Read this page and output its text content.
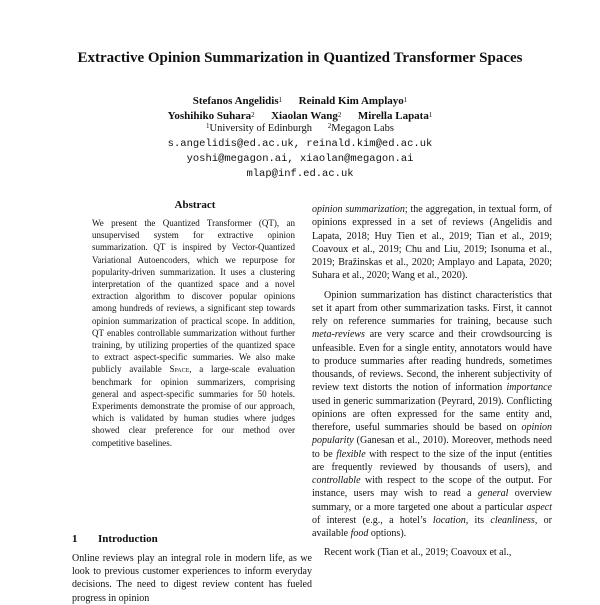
Extractive Opinion Summarization in Quantized Transformer Spaces
Stefanos Angelidis$^1$ Reinald Kim Amplayo$^1$
Yoshihiko Suhara$^2$ Xiaolan Wang$^2$ Mirella Lapata$^1$
$^1$University of Edinburgh $^2$Megagon Labs
s.angelidis@ed.ac.uk, reinald.kim@ed.ac.uk
yoshi@megagon.ai, xiaolan@megagon.ai
mlap@inf.ed.ac.uk
Abstract

We present the Quantized Transformer (QT), an unsupervised system for extractive opinion summarization. QT is inspired by Vector-Quantized Variational Autoencoders, which we repurpose for popularity-driven summarization. It uses a clustering interpretation of the quantized space and a novel extraction algorithm to discover popular opinions among hundreds of reviews, a significant step towards opinion summarization of practical scope. In addition, QT enables controllable summarization without further training, by utilizing properties of the quantized space to extract aspect-specific summaries. We also make publicly available Space, a large-scale evaluation benchmark for opinion summarizers, comprising general and aspect-specific summaries for 50 hotels. Experiments demonstrate the promise of our approach, which is validated by human studies where judges showed clear preference for our method over competitive baselines.

1 Introduction

Online reviews play an integral role in modern life, as we look to previous customer experiences to inform everyday decisions. The need to digest review content has fueled progress in opinion

opinion summarization; the aggregation, in textual form, of opinions expressed in a set of reviews (Angelidis and Lapata, 2018; Huy Tien et al., 2019; Tian et al., 2019; Coavoux et al., 2019; Chu and Liu, 2019; Isonuma et al., 2019; Bražinskas et al., 2020; Amplayo and Lapata, 2020; Suhara et al., 2020; Wang et al., 2020).

Opinion summarization has distinct characteristics that set it apart from other summarization tasks. First, it cannot rely on reference summaries for training, because such meta-reviews are very scarce and their crowdsourcing is unfeasible. Even for a single entity, annotators would have to produce summaries after reading hundreds, sometimes thousands, of reviews. Second, the inherent subjectivity of review text distorts the notion of information importance used in generic summarization (Peyrard, 2019). Conflicting opinions are often expressed for the same entity and, therefore, useful summaries should be based on opinion popularity (Ganesan et al., 2010). Moreover, methods need to be flexible with respect to the size of the input (entities are frequently reviewed by thousands of users), and controllable with respect to the scope of the output. For instance, users may wish to read a general overview summary, or a more targeted one about a particular aspect of interest (e.g., a hotel’s location, its cleanliness, or available food options).

Recent work (Tian et al., 2019; Coavoux et al.,
